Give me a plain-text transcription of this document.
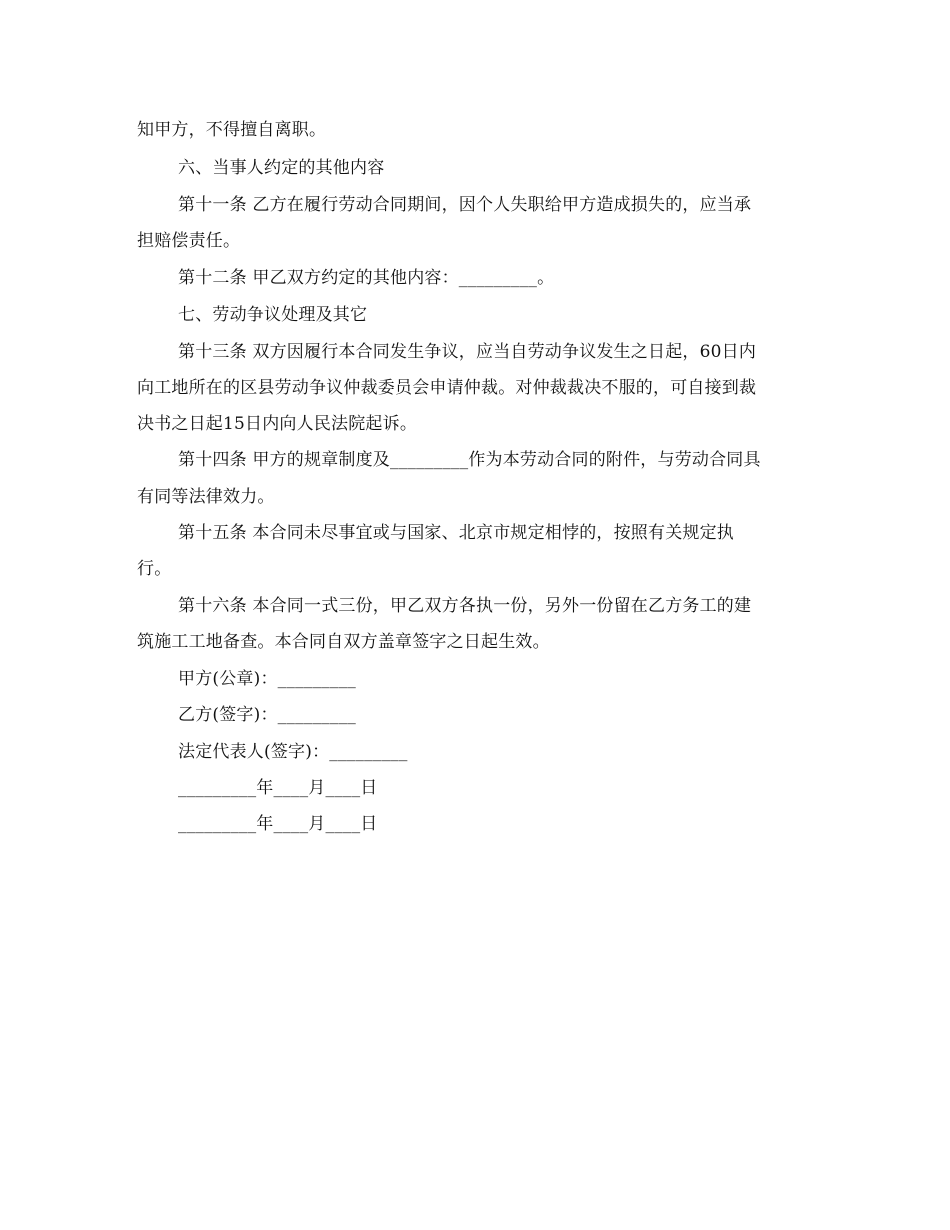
知甲方，不得擅自离职。
六、当事人约定的其他内容
第十一条 乙方在履行劳动合同期间，因个人失职给甲方造成损失的，应当承
担赔偿责任。
第十二条 甲乙双方约定的其他内容：_________。
七、劳动争议处理及其它
第十三条 双方因履行本合同发生争议，应当自劳动争议发生之日起，60日内
向工地所在的区县劳动争议仲裁委员会申请仲裁。对仲裁裁决不服的，可自接到裁
决书之日起15日内向人民法院起诉。
第十四条 甲方的规章制度及_________作为本劳动合同的附件，与劳动合同具
有同等法律效力。
第十五条 本合同未尽事宜或与国家、北京市规定相悖的，按照有关规定执
行。
第十六条 本合同一式三份，甲乙双方各执一份，另外一份留在乙方务工的建
筑施工工地备查。本合同自双方盖章签字之日起生效。
甲方(公章)：_________
乙方(签字)：_________
法定代表人(签字)：_________
_________年____月____日
_________年____月____日
